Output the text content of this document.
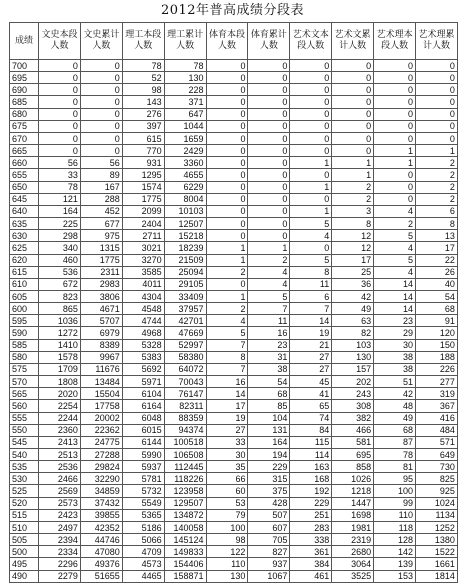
2012年普高成绩分段表
成绩	文史本段人数	文史累计人数	理工本段人数	理工累计人数	体育本段人数	体育累计人数	艺术文本段人数	艺术文累计人数	艺术理本段人数	艺术理累计人数
700	0	0	78	78	0	0	0	0	0	0
695	0	0	52	130	0	0	0	0	0	0
690	0	0	98	228	0	0	0	0	0	0
685	0	0	143	371	0	0	0	0	0	0
680	0	0	276	647	0	0	0	0	0	0
675	0	0	397	1044	0	0	0	0	0	0
670	0	0	615	1659	0	0	0	0	0	0
665	0	0	770	2429	0	0	0	0	1	1
660	56	56	931	3360	0	0	1	1	1	2
655	33	89	1295	4655	0	0	0	1	0	2
650	78	167	1574	6229	0	0	1	2	0	2
645	121	288	1775	8004	0	0	0	2	0	2
640	164	452	2099	10103	0	0	1	3	4	6
635	225	677	2404	12507	0	0	5	8	2	8
630	298	975	2711	15218	0	0	4	12	5	13
625	340	1315	3021	18239	1	1	0	12	4	17
620	460	1775	3270	21509	1	2	5	17	5	22
615	536	2311	3585	25094	2	4	8	25	4	26
610	672	2983	4011	29105	0	4	11	36	14	40
605	823	3806	4304	33409	1	5	6	42	14	54
600	865	4671	4548	37957	2	7	7	49	14	68
595	1036	5707	4744	42701	4	11	14	63	23	91
590	1272	6979	4968	47669	5	16	19	82	29	120
585	1410	8389	5328	52997	7	23	21	103	30	150
580	1578	9967	5383	58380	8	31	27	130	38	188
575	1709	11676	5692	64072	7	38	27	157	38	226
570	1808	13484	5971	70043	16	54	45	202	51	277
565	2020	15504	6104	76147	14	68	41	243	42	319
560	2254	17758	6164	82311	17	85	65	308	48	367
555	2244	20002	6048	88359	19	104	74	382	49	416
550	2360	22362	6015	94374	27	131	84	466	68	484
545	2413	24775	6144	100518	33	164	115	581	87	571
540	2513	27288	5990	106508	30	194	114	695	78	649
535	2536	29824	5937	112445	35	229	163	858	81	730
530	2466	32290	5781	118226	66	315	168	1026	95	825
525	2569	34859	5732	123958	60	375	192	1218	100	925
520	2573	37432	5549	129507	53	428	229	1447	99	1024
515	2423	39855	5365	134872	79	507	251	1698	110	1134
510	2497	42352	5186	140058	100	607	283	1981	118	1252
505	2394	44746	5066	145124	98	705	338	2319	128	1380
500	2334	47080	4709	149833	122	827	361	2680	142	1522
495	2296	49376	4573	154406	110	937	384	3064	139	1661
490	2279	51655	4465	158871	130	1067	461	3525	153	1814
